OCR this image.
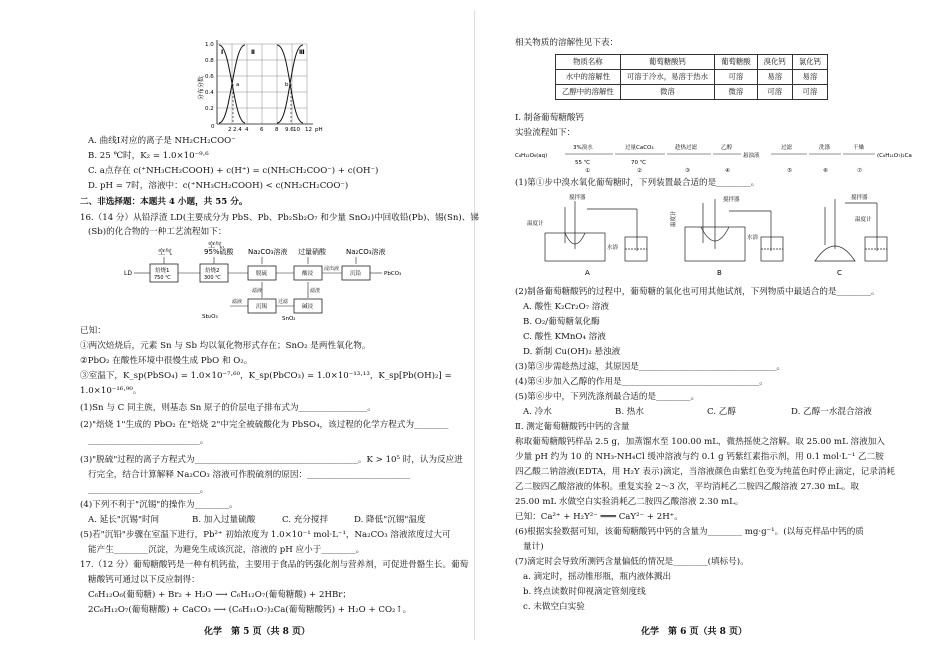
分布分数
1.0
0.8
0.6
0.4
0.2
0 2 2.4 4 6 8 9.6 10 12 pH
Ⅰ	Ⅱ	Ⅲ
a	b
A. 曲线Ⅰ对应的离子是 NH₂CH₂COO⁻
B. 25 ℃时，K₂ = 1.0×10⁻⁹·⁶
C. a点存在 c(⁺NH₃CH₂COOH) + c(H⁺) = c(NH₂CH₂COO⁻) + c(OH⁻)
D. pH = 7时，溶液中：c(⁺NH₃CH₂COOH) < c(NH₂CH₂COO⁻)
二、非选择题：本题共 4 小题，共 55 分。
16.（14 分）从铅浮渣 LD(主要成分为 PbS、Pb、Pb₂Sb₂O₇ 和少量 SnO₂)中回收铅(Pb)、锡(Sn)、锑
(Sb)的化合物的一种工艺流程如下：
空气
空气、
95%硫酸 Na₂CO₃溶液 过量硝酸	Na₂CO₃溶液
LD	焙烧1
750 ℃
焙烧2
300 ℃
脱硫	酸浸
浸出液
沉铅	PbCO₃
滤液	滤渣
碱浸
过滤
沉锡
Sb₂O₃	SnO₂
滤液
已知：
①两次焙烧后，元素 Sn 与 Sb 均以氧化物形式存在；SnO₂ 是两性氧化物。
②PbO₂ 在酸性环境中很慢生成 PbO 和 O₂。
③室温下，K_sp(PbSO₄) = 1.0×10⁻⁷·⁶⁰，K_sp(PbCO₃) = 1.0×10⁻¹³·¹³，K_sp[Pb(OH)₂] =
1.0×10⁻¹⁶·⁹⁰。
(1)Sn 与 C 同主族，则基态 Sn 原子的价层电子排布式为________________。
(2)"焙烧 1"生成的 PbO₂ 在"焙烧 2"中完全被硫酸化为 PbSO₄，该过程的化学方程式为________
__________________________。
(3)"脱硫"过程的离子方程式为______________________________________。K > 10⁵ 时，认为反应进
行完全，结合计算解释 Na₂CO₃ 溶液可作脱硫剂的原因：________________________
__________________________。
(4)下列不利于"沉锡"的操作为________。
A. 延长"沉锡"时间	B. 加入过量硫酸	C. 充分搅拌	D. 降低"沉锡"温度
(5)若"沉铅"步骤在室温下进行，Pb²⁺ 初始浓度为 1.0×10⁻¹ mol·L⁻¹，Na₂CO₃ 溶液浓度过大可
能产生________沉淀，为避免生成该沉淀，溶液的 pH 应小于________。
17.（12 分）葡萄糖酸钙是一种有机钙盐，主要用于食品的钙强化剂与营养剂，可促进骨骼生长。葡萄
糖酸钙可通过以下反应制得：
C₆H₁₂O₆(葡萄糖) + Br₂ + H₂O ⟶ C₆H₁₂O₇(葡萄糖酸) + 2HBr；
2C₆H₁₂O₇(葡萄糖酸) + CaCO₃ ⟶ (C₆H₁₁O₇)₂Ca(葡萄糖酸钙) + H₂O + CO₂↑。
化学　第 5 页（共 8 页）
相关物质的溶解性见下表：
物质名称	葡萄糖酸钙	葡萄糖酸	溴化钙	氯化钙
水中的溶解性	可溶于冷水，易溶于热水	可溶	易溶	易溶
乙醇中的溶解性	微溶	微溶	可溶	可溶
Ⅰ. 制备葡萄糖酸钙
实验流程如下：
C₆H₁₂O₆(aq)
3%溴水
55 ℃
过量CaCO₃
70 ℃
趁热过滤	乙醇
悬浊液
过滤	洗涤	干燥
(C₆H₁₁O₇)₂Ca
①	②	③	④	⑤	⑥	⑦
(1)第①步中溴水氧化葡萄糖时，下列装置最合适的是________。
温度计
搅拌器
水浴
A
温度计
搅拌器
水浴
B
搅拌器
温度计
C
(2)制备葡萄糖酸钙的过程中，葡萄糖的氧化也可用其他试剂，下列物质中最适合的是________。
A. 酸性 K₂Cr₂O₇ 溶液
B. O₂/葡萄糖氧化酶
C. 酸性 KMnO₄ 溶液
D. 新制 Cu(OH)₂ 悬浊液
(3)第③步需趁热过滤，其原因是________________________________。
(4)第④步加入乙醇的作用是________________________________。
(5)第⑥步中，下列洗涤剂最合适的是________。
A. 冷水	B. 热水	C. 乙醇	D. 乙醇一水混合溶液
Ⅱ. 测定葡萄糖酸钙中钙的含量
称取葡萄糖酸钙样品 2.5 g，加蒸馏水至 100.00 mL，微热摇使之溶解。取 25.00 mL 溶液加入
少量 pH 约为 10 的 NH₃-NH₄Cl 缓冲溶液与约 0.1 g 钙紫红素指示剂，用 0.1 mol·L⁻¹ 乙二胺
四乙酸二钠溶液(EDTA，用 H₂Y 表示)滴定，当溶液颜色由紫红色变为纯蓝色时停止滴定，记录消耗
乙二胺四乙酸溶液的体积。重复实验 2～3 次，平均消耗乙二胺四乙酸溶液 27.30 mL。取
25.00 mL 水做空白实验消耗乙二胺四乙酸溶液 2.30 mL。
已知：Ca²⁺ + H₂Y²⁻ ═══ CaY²⁻ + 2H⁺。
(6)根据实验数据可知，该葡萄糖酸钙中钙的含量为________ mg·g⁻¹。(以每克样品中钙的质
量计)
(7)滴定时会导致所测钙含量偏低的情况是________(填标号)。
a. 滴定时，摇动锥形瓶，瓶内液体溅出
b. 终点读数时仰视滴定管刻度线
c. 未做空白实验
化学　第 6 页（共 8 页）
